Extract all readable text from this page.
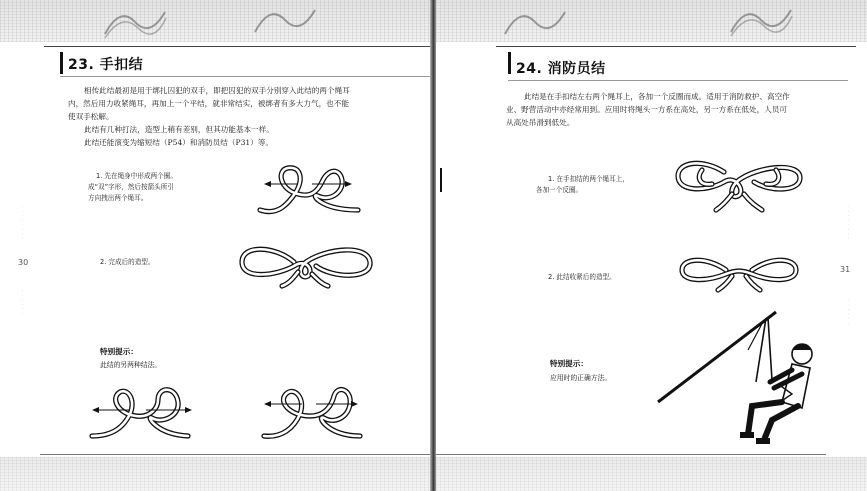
23. 手扣结
相传此结最初是用于绑扎囚犯的双手，即把囚犯的双手分别穿入此结的两个绳耳
内，然后用力收紧绳耳，再加上一个平结，就非常结实，被绑者有多大力气，也不能
使双手松解。
此结有几种打法，造型上稍有差别，但其功能基本一样。
此结还能演变为缩短结（P54）和消防员结（P31）等。
1. 先在绳身中形成两个圈。
成“双”字形，然后按箭头所引
方向拽出两个绳耳。
2. 完成后的造型。
特别提示：
此结的另两种结法。
30
· · · · · · · ·
· · · · · ·
24. 消防员结
此结是在手扣结左右两个绳耳上，各加一个反圈而成。适用于消防救护、高空作
业、野营活动中亦经常用到。应用时将绳头一方系在高处，另一方系在低处，人员可
从高处吊滑到低处。
1. 在手扣结的两个绳耳上，
各加一个反圈。
2. 此结收紧后的造型。
特别提示：
应用时的正确方法。
31
· · · · · · · ·
· · · · · ·
